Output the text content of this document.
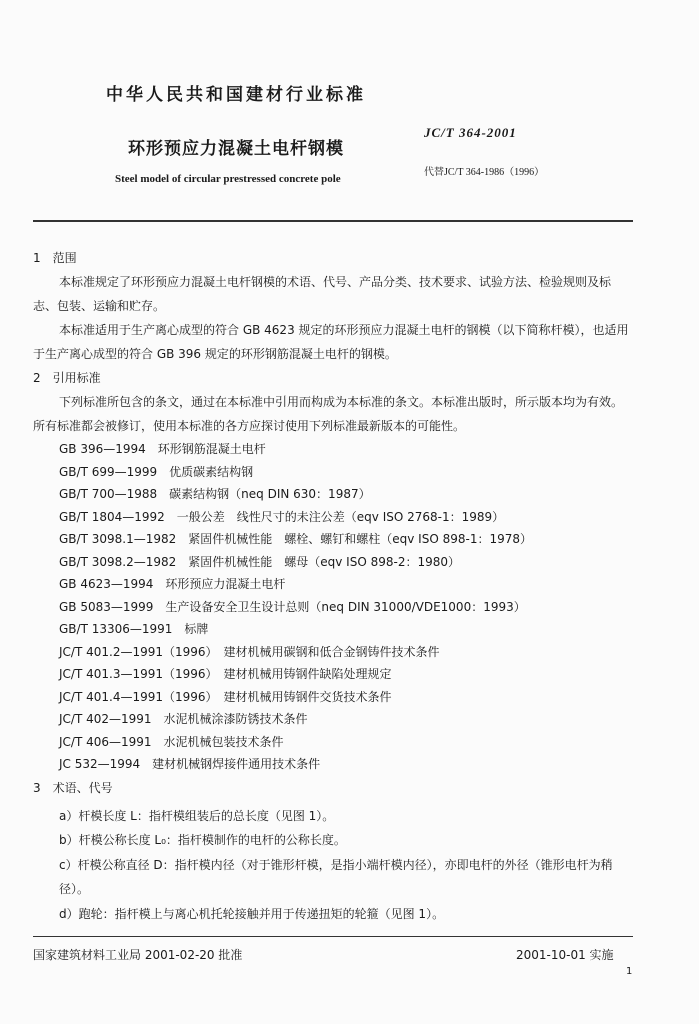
中华人民共和国建材行业标准
环形预应力混凝土电杆钢模
Steel model of circular prestressed concrete pole
JC/T 364-2001
代替JC/T 364-1986（1996）
1　范围

本标准规定了环形预应力混凝土电杆钢模的术语、代号、产品分类、技术要求、试验方法、检验规则及标志、包装、运输和贮存。

本标准适用于生产离心成型的符合 GB 4623 规定的环形预应力混凝土电杆的钢模（以下简称杆模），也适用于生产离心成型的符合 GB 396 规定的环形钢筋混凝土电杆的钢模。

2　引用标准

下列标准所包含的条文，通过在本标准中引用而构成为本标准的条文。本标准出版时，所示版本均为有效。所有标准都会被修订，使用本标准的各方应探讨使用下列标准最新版本的可能性。

GB 396—1994　环形钢筋混凝土电杆
GB/T 699—1999　优质碳素结构钢
GB/T 700—1988　碳素结构钢（neq DIN 630：1987）
GB/T 1804—1992　一般公差　线性尺寸的未注公差（eqv ISO 2768-1：1989）
GB/T 3098.1—1982　紧固件机械性能　螺栓、螺钉和螺柱（eqv ISO 898-1：1978）
GB/T 3098.2—1982　紧固件机械性能　螺母（eqv ISO 898-2：1980）
GB 4623—1994　环形预应力混凝土电杆
GB 5083—1999　生产设备安全卫生设计总则（neq DIN 31000/VDE1000：1993）
GB/T 13306—1991　标牌
JC/T 401.2—1991（1996）　建材机械用碳钢和低合金钢铸件技术条件
JC/T 401.3—1991（1996）　建材机械用铸钢件缺陷处理规定
JC/T 401.4—1991（1996）　建材机械用铸钢件交货技术条件
JC/T 402—1991　水泥机械涂漆防锈技术条件
JC/T 406—1991　水泥机械包装技术条件
JC 532—1994　建材机械钢焊接件通用技术条件
3　术语、代号
a）杆模长度 L：指杆模组装后的总长度（见图 1）。
b）杆模公称长度 L₀：指杆模制作的电杆的公称长度。
c）杆模公称直径 D：指杆模内径（对于锥形杆模，是指小端杆模内径），亦即电杆的外径（锥形电杆为稍径）。
d）跑轮：指杆模上与离心机托轮接触并用于传递扭矩的轮箍（见图 1）。
国家建筑材料工业局 2001-02-20 批准	2001-10-01 实施
1
